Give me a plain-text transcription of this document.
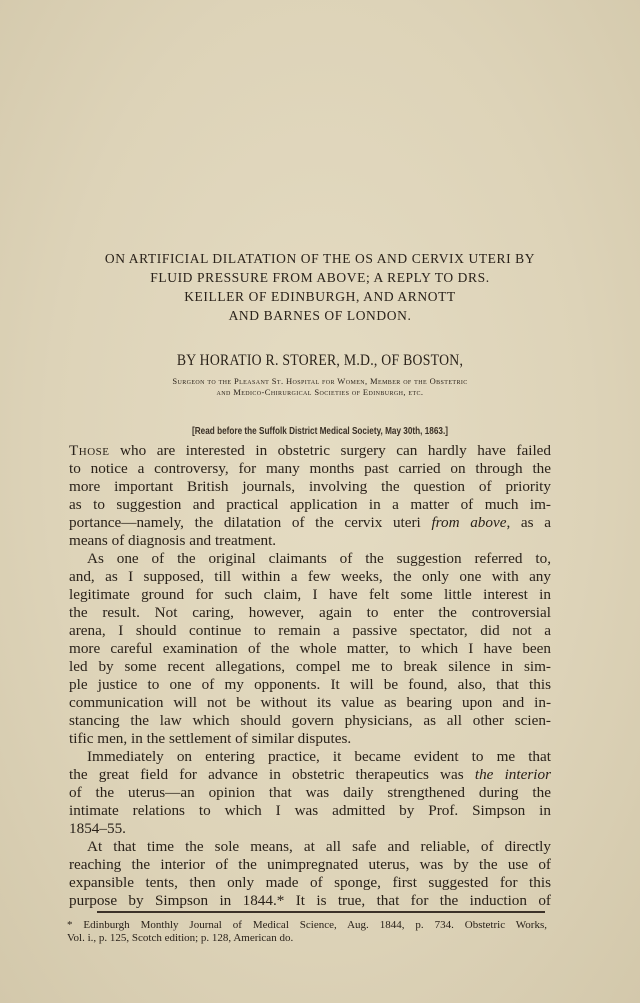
ON ARTIFICIAL DILATATION OF THE OS AND CERVIX UTERI BY
FLUID PRESSURE FROM ABOVE; A REPLY TO DRS.
KEILLER OF EDINBURGH, AND ARNOTT
AND BARNES OF LONDON.
BY HORATIO R. STORER, M.D., OF BOSTON,
Surgeon to the Pleasant St. Hospital for Women, Member of the Obstetric
and Medico-Chirurgical Societies of Edinburgh, etc.
[Read before the Suffolk District Medical Society, May 30th, 1863.]
Those who are interested in obstetric surgery can hardly have failed
to notice a controversy, for many months past carried on through the
more important British journals, involving the question of priority
as to suggestion and practical application in a matter of much im-
portance—namely, the dilatation of the cervix uteri from above, as a
means of diagnosis and treatment.
As one of the original claimants of the suggestion referred to,
and, as I supposed, till within a few weeks, the only one with any
legitimate ground for such claim, I have felt some little interest in
the result. Not caring, however, again to enter the controversial
arena, I should continue to remain a passive spectator, did not a
more careful examination of the whole matter, to which I have been
led by some recent allegations, compel me to break silence in sim-
ple justice to one of my opponents. It will be found, also, that this
communication will not be without its value as bearing upon and in-
stancing the law which should govern physicians, as all other scien-
tific men, in the settlement of similar disputes.
Immediately on entering practice, it became evident to me that
the great field for advance in obstetric therapeutics was the interior
of the uterus—an opinion that was daily strengthened during the
intimate relations to which I was admitted by Prof. Simpson in
1854–55.
At that time the sole means, at all safe and reliable, of directly
reaching the interior of the unimpregnated uterus, was by the use of
expansible tents, then only made of sponge, first suggested for this
purpose by Simpson in 1844.* It is true, that for the induction of
* Edinburgh Monthly Journal of Medical Science, Aug. 1844, p. 734. Obstetric Works,
Vol. i., p. 125, Scotch edition; p. 128, American do.
